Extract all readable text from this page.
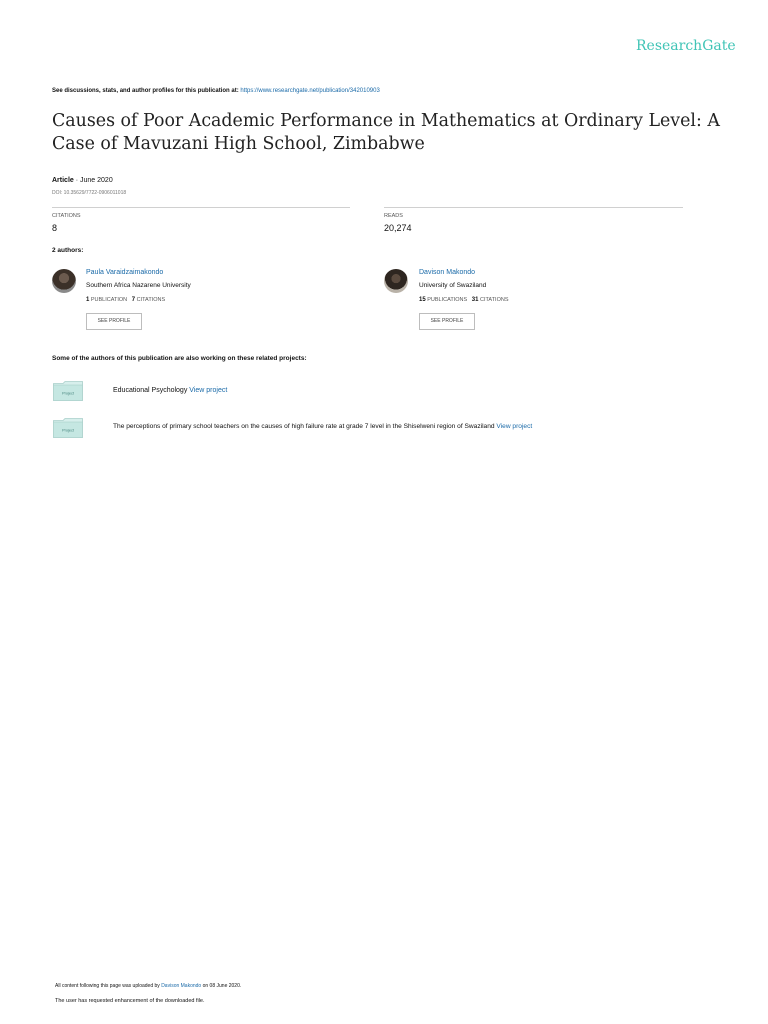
ResearchGate
See discussions, stats, and author profiles for this publication at: https://www.researchgate.net/publication/342010903
Causes of Poor Academic Performance in Mathematics at Ordinary Level: A Case of Mavuzani High School, Zimbabwe
Article · June 2020
DOI: 10.35629/7722-0906011018
CITATIONS
8
READS
20,274
2 authors:
Paula Varaidzaimakondo
Southern Africa Nazarene University
1 PUBLICATION 7 CITATIONS
SEE PROFILE
Davison Makondo
University of Swaziland
15 PUBLICATIONS 31 CITATIONS
SEE PROFILE
Some of the authors of this publication are also working on these related projects:
Project	Educational Psychology View project
Project
The perceptions of primary school teachers on the causes of high failure rate at grade 7 level in the Shiselweni region of Swaziland View project
All content following this page was uploaded by Davison Makondo on 08 June 2020.
The user has requested enhancement of the downloaded file.
